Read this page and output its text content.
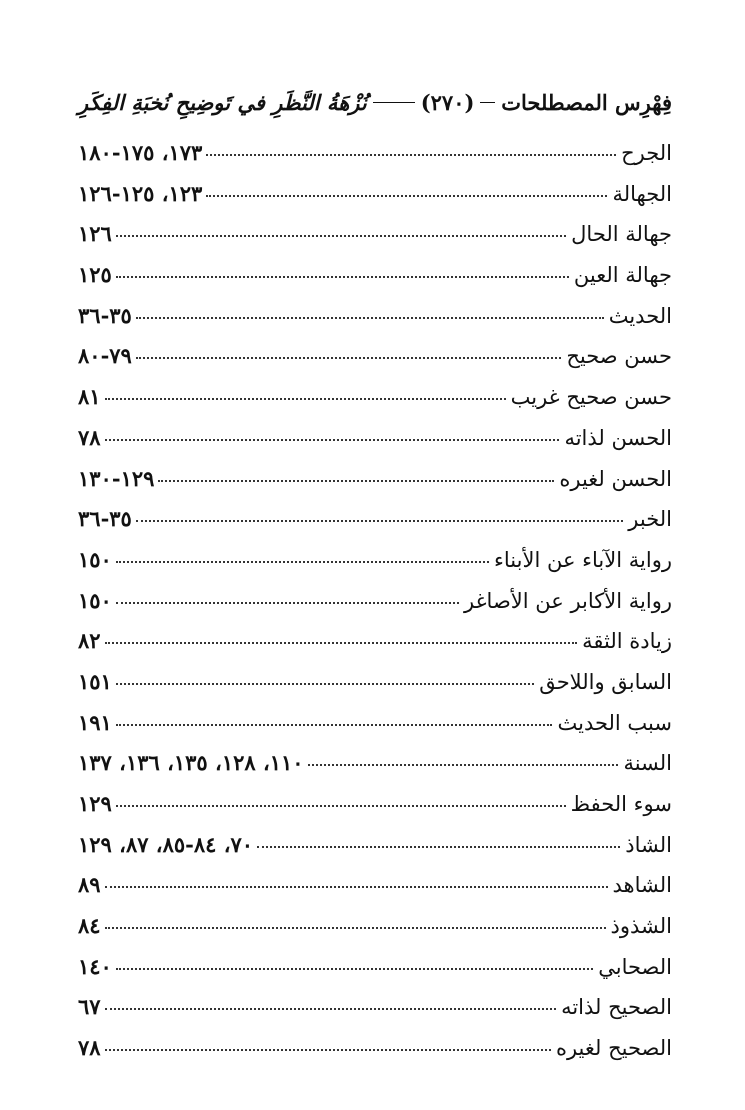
فِهْرِس المصطلحات
(٢٧٠)
نُزْهَةُ النَّظَرِ في تَوضِيحِ نُخبَةِ الفِكَرِ
الجرح
١٧٣، ١٧٥-١٨٠
الجهالة
١٢٣، ١٢٥-١٢٦
جهالة الحال
١٢٦
جهالة العين
١٢٥
الحديث
٣٥-٣٦
حسن صحيح
٧٩-٨٠
حسن صحيح غريب
٨١
الحسن لذاته
٧٨
الحسن لغيره
١٢٩-١٣٠
الخبر
٣٥-٣٦
رواية الآباء عن الأبناء
١٥٠
رواية الأكابر عن الأصاغر
١٥٠
زيادة الثقة
٨٢
السابق واللاحق
١٥١
سبب الحديث
١٩١
السنة
١١٠، ١٢٨، ١٣٥، ١٣٦، ١٣٧
سوء الحفظ
١٢٩
الشاذ
٧٠، ٨٤-٨٥، ٨٧، ١٢٩
الشاهد
٨٩
الشذوذ
٨٤
الصحابي
١٤٠
الصحيح لذاته
٦٧
الصحيح لغيره
٧٨
